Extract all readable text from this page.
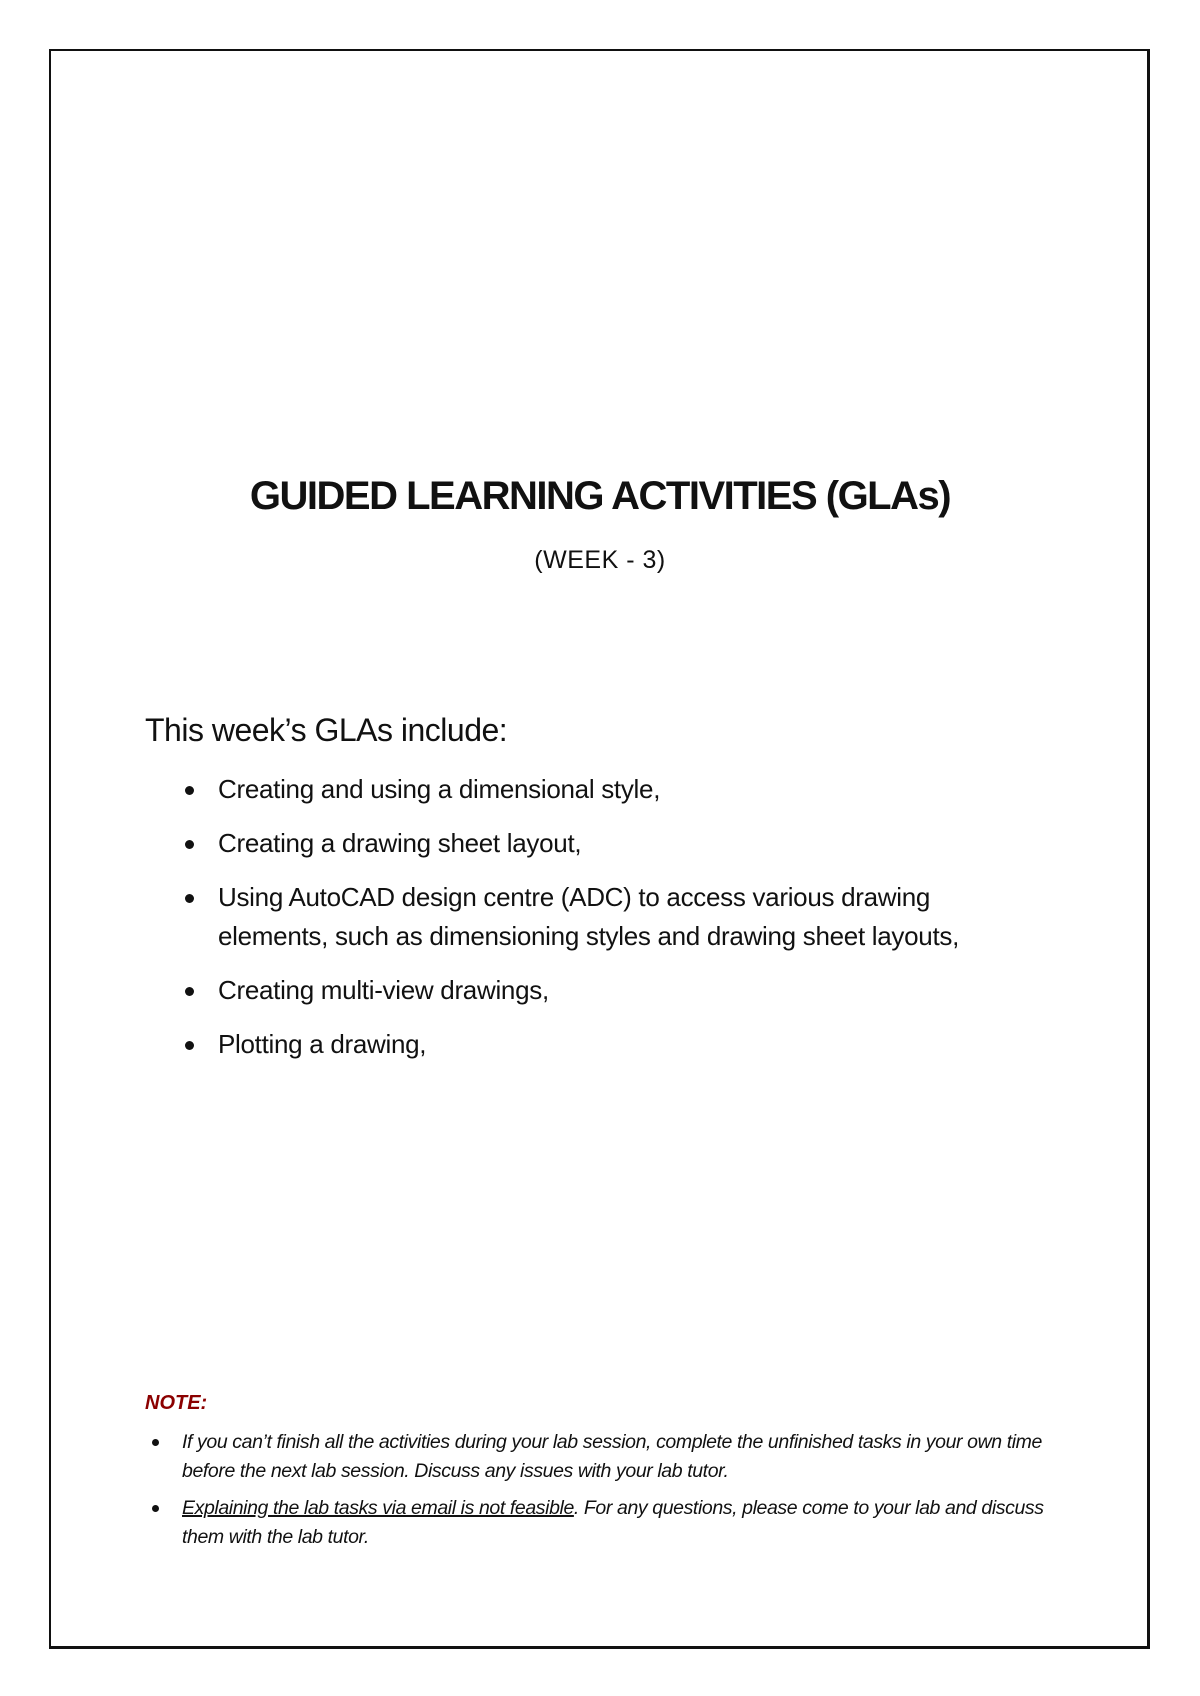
GUIDED LEARNING ACTIVITIES (GLAs)
(WEEK - 3)
This week’s GLAs include:
Creating and using a dimensional style,
Creating a drawing sheet layout,
Using AutoCAD design centre (ADC) to access various drawing elements, such as dimensioning styles and drawing sheet layouts,
Creating multi-view drawings,
Plotting a drawing,
NOTE:
If you can’t finish all the activities during your lab session, complete the unfinished tasks in your own time before the next lab session. Discuss any issues with your lab tutor.
Explaining the lab tasks via email is not feasible. For any questions, please come to your lab and discuss them with the lab tutor.
